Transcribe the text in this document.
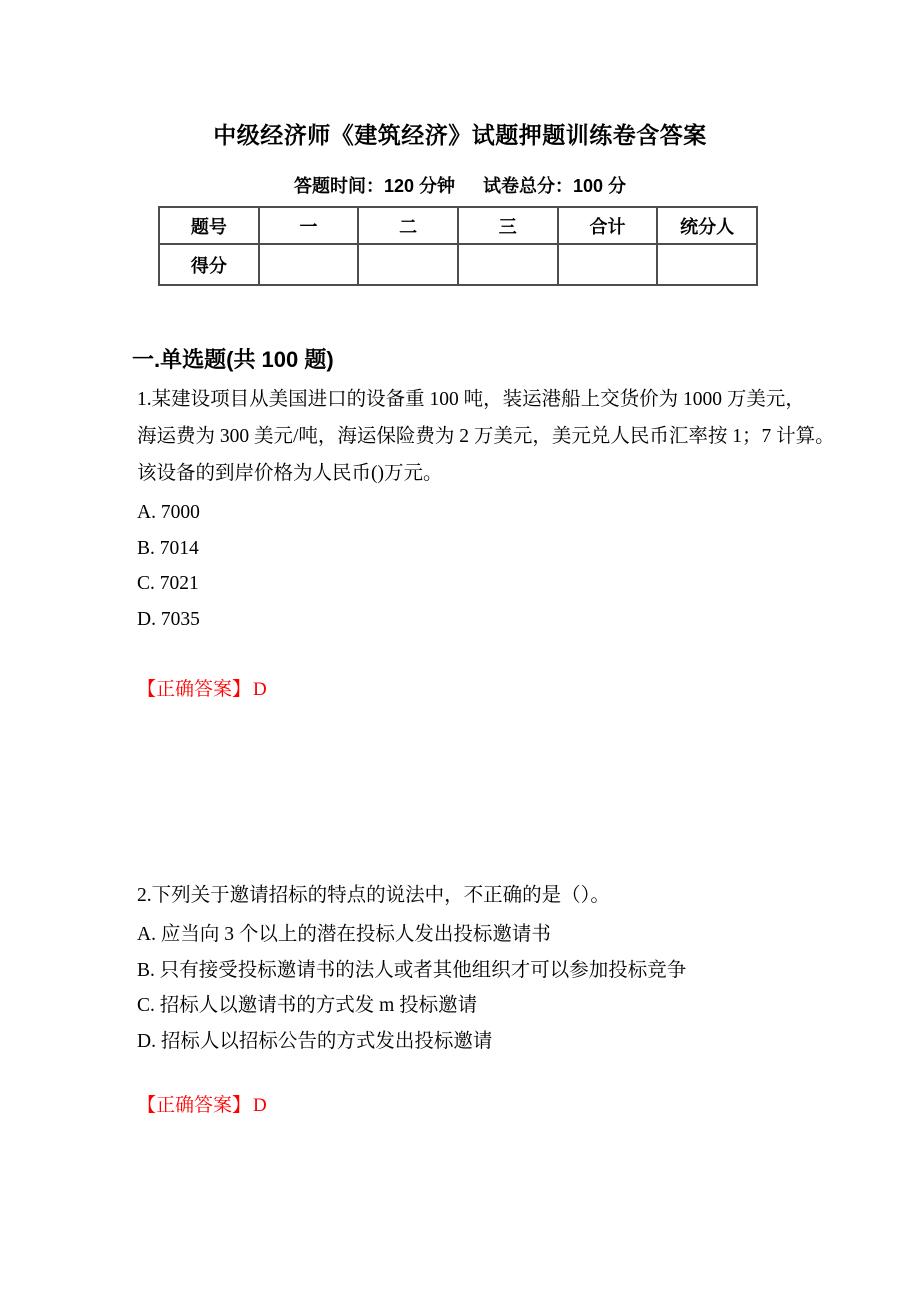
中级经济师《建筑经济》试题押题训练卷含答案
答题时间：120 分钟 试卷总分：100 分
题号	一	二	三	合计	统分人
得分					
一.单选题(共 100 题)
1.某建设项目从美国进口的设备重 100 吨，装运港船上交货价为 1000 万美元，
海运费为 300 美元/吨，海运保险费为 2 万美元，美元兑人民币汇率按 1；7 计算。
该设备的到岸价格为人民币()万元。
A. 7000
B. 7014
C. 7021
D. 7035
【正确答案】 D
2.下列关于邀请招标的特点的说法中，不正确的是（）。
A. 应当向 3 个以上的潜在投标人发出投标邀请书
B. 只有接受投标邀请书的法人或者其他组织才可以参加投标竞争
C. 招标人以邀请书的方式发 m 投标邀请
D. 招标人以招标公告的方式发出投标邀请
【正确答案】 D
